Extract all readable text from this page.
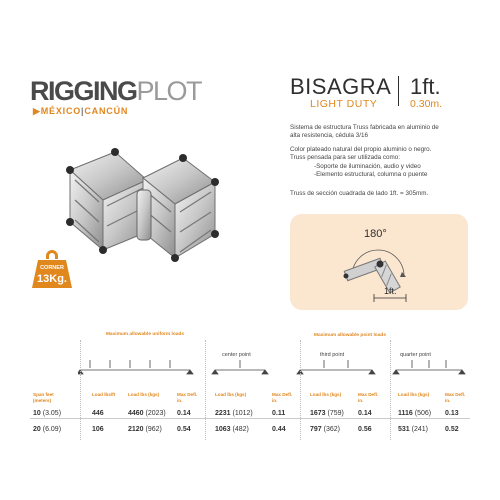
RIGGINGPLOT
▶MÉXICO|CANCÚN
CORNER
13Kg.
BISAGRA 1ft.
LIGHT DUTY	0.30m.
Sistema de estructura Truss fabricada en aluminio de
alta resistencia, cédula 3/16
Color plateado natural del propio aluminio o negro.
Truss pensada para ser utilizada como:
-Soporte de iluminación, audio y video
-Elemento estructural, columna o puente
Truss de sección cuadrada de lado 1ft. = 305mm.
180°
1ft.
Maximum allowable uniform loads	Maximum allowable point loads
center point	third point	quarter point
Span feet (meters)
Load lbs/ft	Load lbs (kgs)	Max Defl. in.
Load lbs (kgs)	Max Defl. in.
Load lbs (kgs)	Max Defl. in.
Load lbs (kgs)	Max Defl. in.
10 (3.05)	446	4460 (2023) 0.14	2231 (1012)	0.11	1673 (759) 0.14	1116 (506) 0.13
20 (6.09)	106	2120 (962) 0.54	1063 (482)	0.44	797 (362)	0.56	531 (241) 0.52
